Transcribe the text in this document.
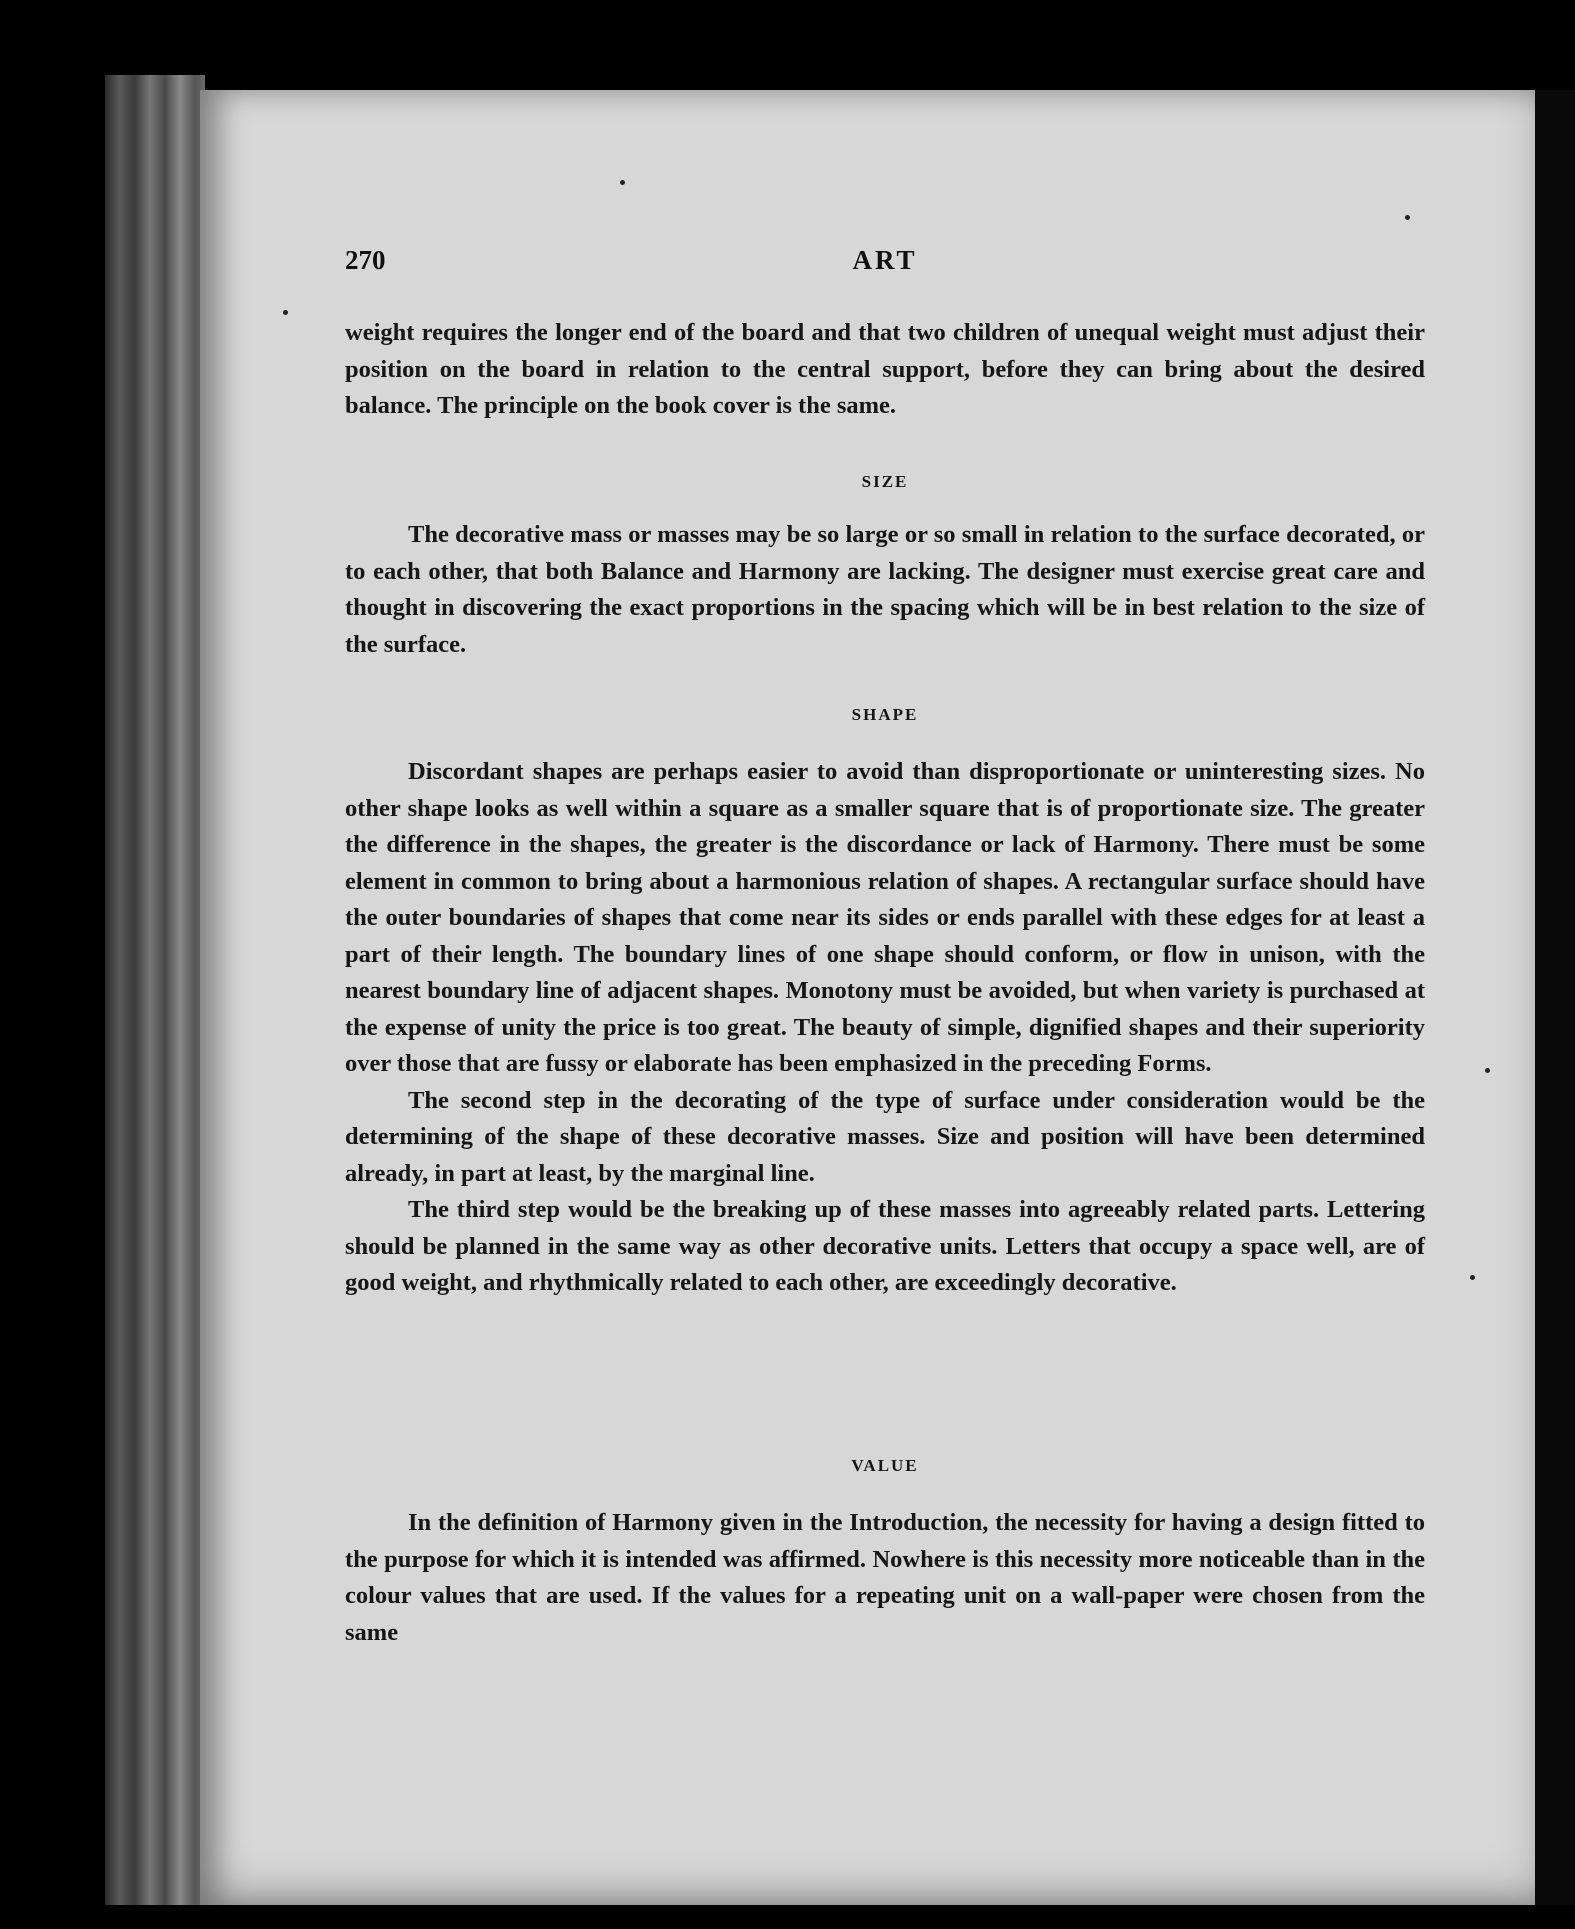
270	ART

weight requires the longer end of the board and that two children of unequal weight must adjust their position on the board in relation to the central support, before they can bring about the desired balance. The principle on the book cover is the same.

SIZE

The decorative mass or masses may be so large or so small in relation to the surface decorated, or to each other, that both Balance and Harmony are lacking. The designer must exercise great care and thought in discovering the exact proportions in the spacing which will be in best relation to the size of the surface.

SHAPE

Discordant shapes are perhaps easier to avoid than disproportionate or uninteresting sizes. No other shape looks as well within a square as a smaller square that is of proportionate size. The greater the difference in the shapes, the greater is the discordance or lack of Harmony. There must be some element in common to bring about a harmonious relation of shapes. A rectangular surface should have the outer boundaries of shapes that come near its sides or ends parallel with these edges for at least a part of their length. The boundary lines of one shape should conform, or flow in unison, with the nearest boundary line of adjacent shapes. Monotony must be avoided, but when variety is purchased at the expense of unity the price is too great. The beauty of simple, dignified shapes and their superiority over those that are fussy or elaborate has been emphasized in the preceding Forms.

The second step in the decorating of the type of surface under consideration would be the determining of the shape of these decorative masses. Size and position will have been determined already, in part at least, by the marginal line.

The third step would be the breaking up of these masses into agreeably related parts. Lettering should be planned in the same way as other decorative units. Letters that occupy a space well, are of good weight, and rhythmically related to each other, are exceedingly decorative.

VALUE

In the definition of Harmony given in the Introduction, the necessity for having a design fitted to the purpose for which it is intended was affirmed. Nowhere is this necessity more noticeable than in the colour values that are used. If the values for a repeating unit on a wall-paper were chosen from the same
